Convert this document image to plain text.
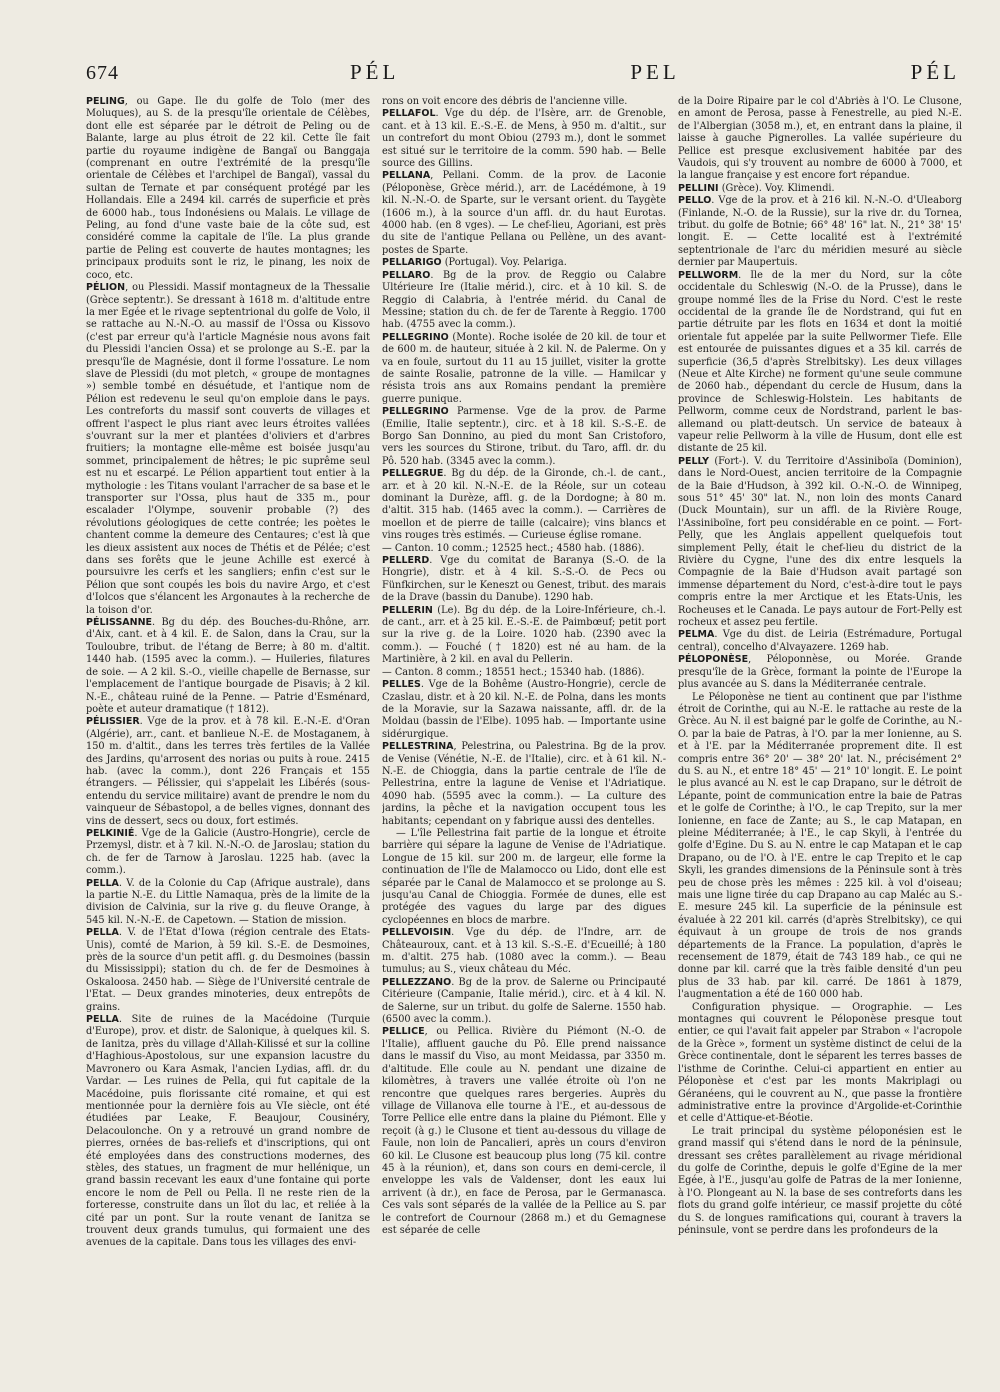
674	PÉL	PEL	PÉL

PELING, ou Gape. Ile du golfe de Tolo (mer des Moluques), au S. de la presqu'île orientale de Célèbes, dont elle est séparée par le détroit de Peling ou de Balante, large au plus étroit de 22 kil. Cette île fait partie du royaume indigène de Bangaï ou Banggaja (comprenant en outre l'extrémité de la presqu'île orientale de Célèbes et l'archipel de Bangaï), vassal du sultan de Ternate et par conséquent protégé par les Hollandais. Elle a 2494 kil. carrés de superficie et près de 6000 hab., tous Indonésiens ou Malais. Le village de Peling, au fond d'une vaste baie de la côte sud, est considéré comme la capitale de l'île. La plus grande partie de Peling est couverte de hautes montagnes; les principaux produits sont le riz, le pinang, les noix de coco, etc.

PÉLION, ou Plessidi. Massif montagneux de la Thessalie (Grèce septentr.). Se dressant à 1618 m. d'altitude entre la mer Egée et le rivage septentrional du golfe de Volo, il se rattache au N.-N.-O. au massif de l'Ossa ou Kissovo (c'est par erreur qu'à l'article Magnésie nous avons fait du Plessidi l'ancien Ossa) et se prolonge au S.-E. par la presqu'île de Magnésie, dont il forme l'ossature. Le nom slave de Plessidi (du mot pletch, « groupe de montagnes ») semble tombé en désuétude, et l'antique nom de Pélion est redevenu le seul qu'on emploie dans le pays. Les contreforts du massif sont couverts de villages et offrent l'aspect le plus riant avec leurs étroites vallées s'ouvrant sur la mer et plantées d'oliviers et d'arbres fruitiers; la montagne elle-même est boisée jusqu'au sommet, principalement de hêtres; le pic suprême seul est nu et escarpé. Le Pélion appartient tout entier à la mythologie : les Titans voulant l'arracher de sa base et le transporter sur l'Ossa, plus haut de 335 m., pour escalader l'Olympe, souvenir probable (?) des révolutions géologiques de cette contrée; les poètes le chantent comme la demeure des Centaures; c'est là que les dieux assistent aux noces de Thétis et de Pélée; c'est dans ses forêts que le jeune Achille est exercé à poursuivre les cerfs et les sangliers; enfin c'est sur le Pélion que sont coupés les bois du navire Argo, et c'est d'Iolcos que s'élancent les Argonautes à la recherche de la toison d'or.

PÉLISSANNE. Bg du dép. des Bouches-du-Rhône, arr. d'Aix, cant. et à 4 kil. E. de Salon, dans la Crau, sur la Touloubre, tribut. de l'étang de Berre; à 80 m. d'altit. 1440 hab. (1595 avec la comm.). — Huileries, filatures de soie. — A 2 kil. S.-O., vieille chapelle de Bernasse, sur l'emplacement de l'antique bourgade de Pisavis; à 2 kil. N.-E., château ruiné de la Penne. — Patrie d'Esménard, poète et auteur dramatique († 1812).

PÉLISSIER. Vge de la prov. et à 78 kil. E.-N.-E. d'Oran (Algérie), arr., cant. et banlieue N.-E. de Mostaganem, à 150 m. d'altit., dans les terres très fertiles de la Vallée des Jardins, qu'arrosent des norias ou puits à roue. 2415 hab. (avec la comm.), dont 226 Français et 155 étrangers. — Pélissier, qui s'appelait les Libérés (sous-entendu du service militaire) avant de prendre le nom du vainqueur de Sébastopol, a de belles vignes, donnant des vins de dessert, secs ou doux, fort estimés.

PELKINIÉ. Vge de la Galicie (Austro-Hongrie), cercle de Przemysl, distr. et à 7 kil. N.-N.-O. de Jaroslau; station du ch. de fer de Tarnow à Jaroslau. 1225 hab. (avec la comm.).

PELLA. V. de la Colonie du Cap (Afrique australe), dans la partie N.-E. du Little Namaqua, près de la limite de la division de Calvinia, sur la rive g. du fleuve Orange, à 545 kil. N.-N.-E. de Capetown. — Station de mission.

PELLA. V. de l'Etat d'Iowa (région centrale des Etats-Unis), comté de Marion, à 59 kil. S.-E. de Desmoines, près de la source d'un petit affl. g. du Desmoines (bassin du Mississippi); station du ch. de fer de Desmoines à Oskaloosa. 2450 hab. — Siège de l'Université centrale de l'Etat. — Deux grandes minoteries, deux entrepôts de grains.

PELLA. Site de ruines de la Macédoine (Turquie d'Europe), prov. et distr. de Salonique, à quelques kil. S. de Ianitza, près du village d'Allah-Kilissé et sur la colline d'Haghious-Apostolous, sur une expansion lacustre du Mavronero ou Kara Asmak, l'ancien Lydias, affl. dr. du Vardar. — Les ruines de Pella, qui fut capitale de la Macédoine, puis florissante cité romaine, et qui est mentionnée pour la dernière fois au VIe siècle, ont été étudiées par Leake, F. Beaujour, Cousinéry, Delacoulonche. On y a retrouvé un grand nombre de pierres, ornées de bas-reliefs et d'inscriptions, qui ont été employées dans des constructions modernes, des stèles, des statues, un fragment de mur hellénique, un grand bassin recevant les eaux d'une fontaine qui porte encore le nom de Pell ou Pella. Il ne reste rien de la forteresse, construite dans un îlot du lac, et reliée à la cité par un pont. Sur la route venant de Ianitza se trouvent deux grands tumulus, qui formaient une des avenues de la capitale. Dans tous les villages des envi-

rons on voit encore des débris de l'ancienne ville.

PELLAFOL. Vge du dép. de l'Isère, arr. de Grenoble, cant. et à 13 kil. E.-S.-E. de Mens, à 950 m. d'altit., sur un contrefort du mont Obiou (2793 m.), dont le sommet est situé sur le territoire de la comm. 590 hab. — Belle source des Gillins.

PELLANA, Pellani. Comm. de la prov. de Laconie (Péloponèse, Grèce mérid.), arr. de Lacédémone, à 19 kil. N.-N.-O. de Sparte, sur le versant orient. du Taygète (1606 m.), à la source d'un affl. dr. du haut Eurotas. 4000 hab. (en 8 vges). — Le chef-lieu, Agoriani, est près du site de l'antique Pellana ou Pellène, un des avant-postes de Sparte.

PELLARIGO (Portugal). Voy. Pelariga.

PELLARO. Bg de la prov. de Reggio ou Calabre Ultérieure Ire (Italie mérid.), circ. et à 10 kil. S. de Reggio di Calabria, à l'entrée mérid. du Canal de Messine; station du ch. de fer de Tarente à Reggio. 1700 hab. (4755 avec la comm.).

PELLEGRINO (Monte). Roche isolée de 20 kil. de tour et de 600 m. de hauteur, située à 2 kil. N. de Palerme. On y va en foule, surtout du 11 au 15 juillet, visiter la grotte de sainte Rosalie, patronne de la ville. — Hamilcar y résista trois ans aux Romains pendant la première guerre punique.

PELLEGRINO Parmense. Vge de la prov. de Parme (Emilie, Italie septentr.), circ. et à 18 kil. S.-S.-E. de Borgo San Donnino, au pied du mont San Cristoforo, vers les sources du Stirone, tribut. du Taro, affl. dr. du Pô. 520 hab. (3345 avec la comm.).

PELLEGRUE. Bg du dép. de la Gironde, ch.-l. de cant., arr. et à 20 kil. N.-N.-E. de la Réole, sur un coteau dominant la Durèze, affl. g. de la Dordogne; à 80 m. d'altit. 315 hab. (1465 avec la comm.). — Carrières de moellon et de pierre de taille (calcaire); vins blancs et vins rouges très estimés. — Curieuse église romane.

— Canton. 10 comm.; 12525 hect.; 4580 hab. (1886).

PELLERD. Vge du comitat de Baranya (S.-O. de la Hongrie), distr. et à 4 kil. S.-S.-O. de Pecs ou Fünfkirchen, sur le Keneszt ou Genest, tribut. des marais de la Drave (bassin du Danube). 1290 hab.

PELLERIN (Le). Bg du dép. de la Loire-Inférieure, ch.-l. de cant., arr. et à 25 kil. E.-S.-E. de Paimbœuf; petit port sur la rive g. de la Loire. 1020 hab. (2390 avec la comm.). — Fouché († 1820) est né au ham. de la Martinière, à 2 kil. en aval du Pellerin.

— Canton. 8 comm.; 18551 hect.; 15340 hab. (1886).

PELLES. Vge de la Bohême (Austro-Hongrie), cercle de Czaslau, distr. et à 20 kil. N.-E. de Polna, dans les monts de la Moravie, sur la Sazawa naissante, affl. dr. de la Moldau (bassin de l'Elbe). 1095 hab. — Importante usine sidérurgique.

PELLESTRINA, Pelestrina, ou Palestrina. Bg de la prov. de Venise (Vénétie, N.-E. de l'Italie), circ. et à 61 kil. N.-N.-E. de Chioggia, dans la partie centrale de l'île de Pellestrina, entre la lagune de Venise et l'Adriatique. 4090 hab. (5595 avec la comm.). — La culture des jardins, la pêche et la navigation occupent tous les habitants; cependant on y fabrique aussi des dentelles.

— L'île Pellestrina fait partie de la longue et étroite barrière qui sépare la lagune de Venise de l'Adriatique. Longue de 15 kil. sur 200 m. de largeur, elle forme la continuation de l'île de Malamocco ou Lido, dont elle est séparée par le Canal de Malamocco et se prolonge au S. jusqu'au Canal de Chioggia. Formée de dunes, elle est protégée des vagues du large par des digues cyclopéennes en blocs de marbre.

PELLEVOISIN. Vge du dép. de l'Indre, arr. de Châteauroux, cant. et à 13 kil. S.-S.-E. d'Ecueillé; à 180 m. d'altit. 275 hab. (1080 avec la comm.). — Beau tumulus; au S., vieux château du Méc.

PELLEZZANO. Bg de la prov. de Salerne ou Principauté Citérieure (Campanie, Italie mérid.), circ. et à 4 kil. N. de Salerne, sur un tribut. du golfe de Salerne. 1550 hab. (6500 avec la comm.).

PELLICE, ou Pellica. Rivière du Piémont (N.-O. de l'Italie), affluent gauche du Pô. Elle prend naissance dans le massif du Viso, au mont Meidassa, par 3350 m. d'altitude. Elle coule au N. pendant une dizaine de kilomètres, à travers une vallée étroite où l'on ne rencontre que quelques rares bergeries. Auprès du village de Villanova elle tourne à l'E., et au-dessous de Torre Pellice elle entre dans la plaine du Piémont. Elle y reçoit (à g.) le Clusone et tient au-dessous du village de Faule, non loin de Pancalieri, après un cours d'environ 60 kil. Le Clusone est beaucoup plus long (75 kil. contre 45 à la réunion), et, dans son cours en demi-cercle, il enveloppe les vals de Valdenser, dont les eaux lui arrivent (à dr.), en face de Perosa, par le Germanasca. Ces vals sont séparés de la vallée de la Pellice au S. par le contrefort de Cournour (2868 m.) et du Gemagnese est séparée de celle

de la Doire Ripaire par le col d'Abriès à l'O. Le Clusone, en amont de Perosa, passe à Fenestrelle, au pied N.-E. de l'Albergian (3058 m.), et, en entrant dans la plaine, il laisse à gauche Pignerolles. La vallée supérieure du Pellice est presque exclusivement habitée par des Vaudois, qui s'y trouvent au nombre de 6000 à 7000, et la langue française y est encore fort répandue.

PELLINI (Grèce). Voy. Klimendi.

PELLO. Vge de la prov. et à 216 kil. N.-N.-O. d'Uleaborg (Finlande, N.-O. de la Russie), sur la rive dr. du Tornea, tribut. du golfe de Botnie; 66° 48' 16" lat. N., 21° 38' 15' longit. E. — Cette localité est à l'extrémité septentrionale de l'arc du méridien mesuré au siècle dernier par Maupertuis.

PELLWORM. Ile de la mer du Nord, sur la côte occidentale du Schleswig (N.-O. de la Prusse), dans le groupe nommé îles de la Frise du Nord. C'est le reste occidental de la grande île de Nordstrand, qui fut en partie détruite par les flots en 1634 et dont la moitié orientale fut appelée par la suite Pellwormer Tiefe. Elle est entourée de puissantes digues et a 35 kil. carrés de superficie (36,5 d'après Strelbitsky). Les deux villages (Neue et Alte Kirche) ne forment qu'une seule commune de 2060 hab., dépendant du cercle de Husum, dans la province de Schleswig-Holstein. Les habitants de Pellworm, comme ceux de Nordstrand, parlent le bas-allemand ou platt-deutsch. Un service de bateaux à vapeur relie Pellworm à la ville de Husum, dont elle est distante de 25 kil.

PELLY (Fort-). V. du Territoire d'Assiniboïa (Dominion), dans le Nord-Ouest, ancien territoire de la Compagnie de la Baie d'Hudson, à 392 kil. O.-N.-O. de Winnipeg, sous 51° 45' 30" lat. N., non loin des monts Canard (Duck Mountain), sur un affl. de la Rivière Rouge, l'Assiniboïne, fort peu considérable en ce point. — Fort-Pelly, que les Anglais appellent quelquefois tout simplement Pelly, était le chef-lieu du district de la Rivière du Cygne, l'une des dix entre lesquels la Compagnie de la Baie d'Hudson avait partagé son immense département du Nord, c'est-à-dire tout le pays compris entre la mer Arctique et les Etats-Unis, les Rocheuses et le Canada. Le pays autour de Fort-Pelly est rocheux et assez peu fertile.

PELMA. Vge du dist. de Leiria (Estrémadure, Portugal central), concelho d'Alvayazere. 1269 hab.

PÉLOPONÈSE, Péloponnèse, ou Morée. Grande presqu'île de la Grèce, formant la pointe de l'Europe la plus avancée au S. dans la Méditerranée centrale.

Le Péloponèse ne tient au continent que par l'isthme étroit de Corinthe, qui au N.-E. le rattache au reste de la Grèce. Au N. il est baigné par le golfe de Corinthe, au N.-O. par la baie de Patras, à l'O. par la mer Ionienne, au S. et à l'E. par la Méditerranée proprement dite. Il est compris entre 36° 20' — 38° 20' lat. N., précisément 2° du S. au N., et entre 18° 45' — 21° 10' longit. E. Le point le plus avancé au N. est le cap Drapano, sur le détroit de Lépante, point de communication entre la baie de Patras et le golfe de Corinthe; à l'O., le cap Trepito, sur la mer Ionienne, en face de Zante; au S., le cap Matapan, en pleine Méditerranée; à l'E., le cap Skyli, à l'entrée du golfe d'Egine. Du S. au N. entre le cap Matapan et le cap Drapano, ou de l'O. à l'E. entre le cap Trepito et le cap Skyli, les grandes dimensions de la Péninsule sont à très peu de chose près les mêmes : 225 kil. à vol d'oiseau; mais une ligne tirée du cap Drapano au cap Maléc au S.-E. mesure 245 kil. La superficie de la péninsule est évaluée à 22 201 kil. carrés (d'après Strelbitsky), ce qui équivaut à un groupe de trois de nos grands départements de la France. La population, d'après le recensement de 1879, était de 743 189 hab., ce qui ne donne par kil. carré que la très faible densité d'un peu plus de 33 hab. par kil. carré. De 1861 à 1879, l'augmentation a été de 160 000 hab.

Configuration physique. — Orographie. — Les montagnes qui couvrent le Péloponèse presque tout entier, ce qui l'avait fait appeler par Strabon « l'acropole de la Grèce », forment un système distinct de celui de la Grèce continentale, dont le séparent les terres basses de l'isthme de Corinthe. Celui-ci appartient en entier au Péloponèse et c'est par les monts Makriplagi ou Géranéens, qui le couvrent au N., que passe la frontière administrative entre la province d'Argolide-et-Corinthie et celle d'Attique-et-Béotie.

Le trait principal du système péloponésien est le grand massif qui s'étend dans le nord de la péninsule, dressant ses crêtes parallèlement au rivage méridional du golfe de Corinthe, depuis le golfe d'Egine de la mer Egée, à l'E., jusqu'au golfe de Patras de la mer Ionienne, à l'O. Plongeant au N. la base de ses contreforts dans les flots du grand golfe intérieur, ce massif projette du côté du S. de longues ramifications qui, courant à travers la péninsule, vont se perdre dans les profondeurs de la
